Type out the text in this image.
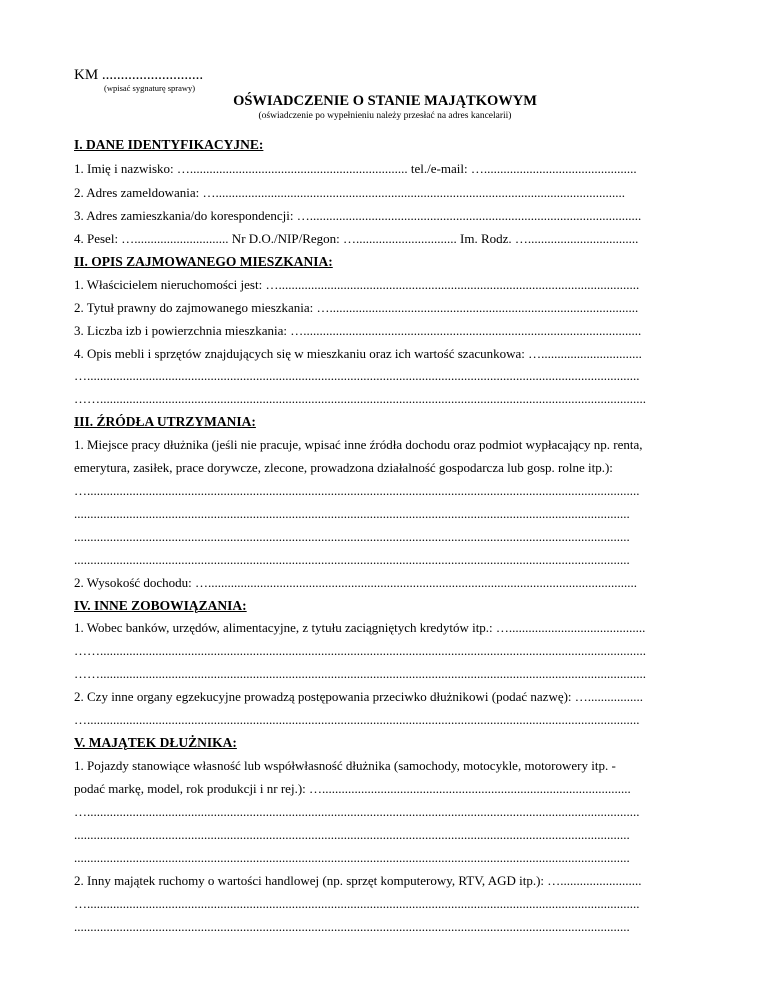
KM ...........................
(wpisać sygnaturę sprawy)
OŚWIADCZENIE O STANIE MAJĄTKOWYM
(oświadczenie po wypełnieniu należy przesłać na adres kancelarii)
I. DANE IDENTYFIKACYJNE:
1. Imię i nazwisko: …................................................................... tel./e-mail: …...............................................
2. Adres zameldowania: …..............................................................................................................................
3. Adres zamieszkania/do korespondencji: …......................................................................................................
4. Pesel: …............................. Nr D.O./NIP/Regon: …............................... Im. Rodz. …..................................
II. OPIS ZAJMOWANEGO MIESZKANIA:
1. Właścicielem nieruchomości jest: …...............................................................................................................
2. Tytuł prawny do zajmowanego mieszkania: …...............................................................................................
3. Liczba izb i powierzchnia mieszkania: …........................................................................................................
4. Opis mebli i sprzętów znajdujących się w mieszkaniu oraz ich wartość szacunkowa: …...............................
…..........................................................................................................................................................................
……........................................................................................................................................................................
III. ŹRÓDŁA UTRZYMANIA:
1. Miejsce pracy dłużnika (jeśli nie pracuje, wpisać inne źródła dochodu oraz podmiot wypłacający np. renta,
emerytura, zasiłek, prace dorywcze, zlecone, prowadzona działalność gospodarcza lub gosp. rolne itp.):
…..........................................................................................................................................................................
...........................................................................................................................................................................
...........................................................................................................................................................................
...........................................................................................................................................................................
2. Wysokość dochodu: …....................................................................................................................................
IV. INNE ZOBOWIĄZANIA:
1. Wobec banków, urzędów, alimentacyjne, z tytułu zaciągniętych kredytów itp.: …..........................................
……........................................................................................................................................................................
……........................................................................................................................................................................
2. Czy inne organy egzekucyjne prowadzą postępowania przeciwko dłużnikowi (podać nazwę): ….................
…..........................................................................................................................................................................
V. MAJĄTEK DŁUŻNIKA:
1. Pojazdy stanowiące własność lub współwłasność dłużnika (samochody, motocykle, motorowery itp. -
podać markę, model, rok produkcji i nr rej.): …...............................................................................................
…..........................................................................................................................................................................
...........................................................................................................................................................................
...........................................................................................................................................................................
2. Inny majątek ruchomy o wartości handlowej (np. sprzęt komputerowy, RTV, AGD itp.): ….........................
…..........................................................................................................................................................................
...........................................................................................................................................................................
